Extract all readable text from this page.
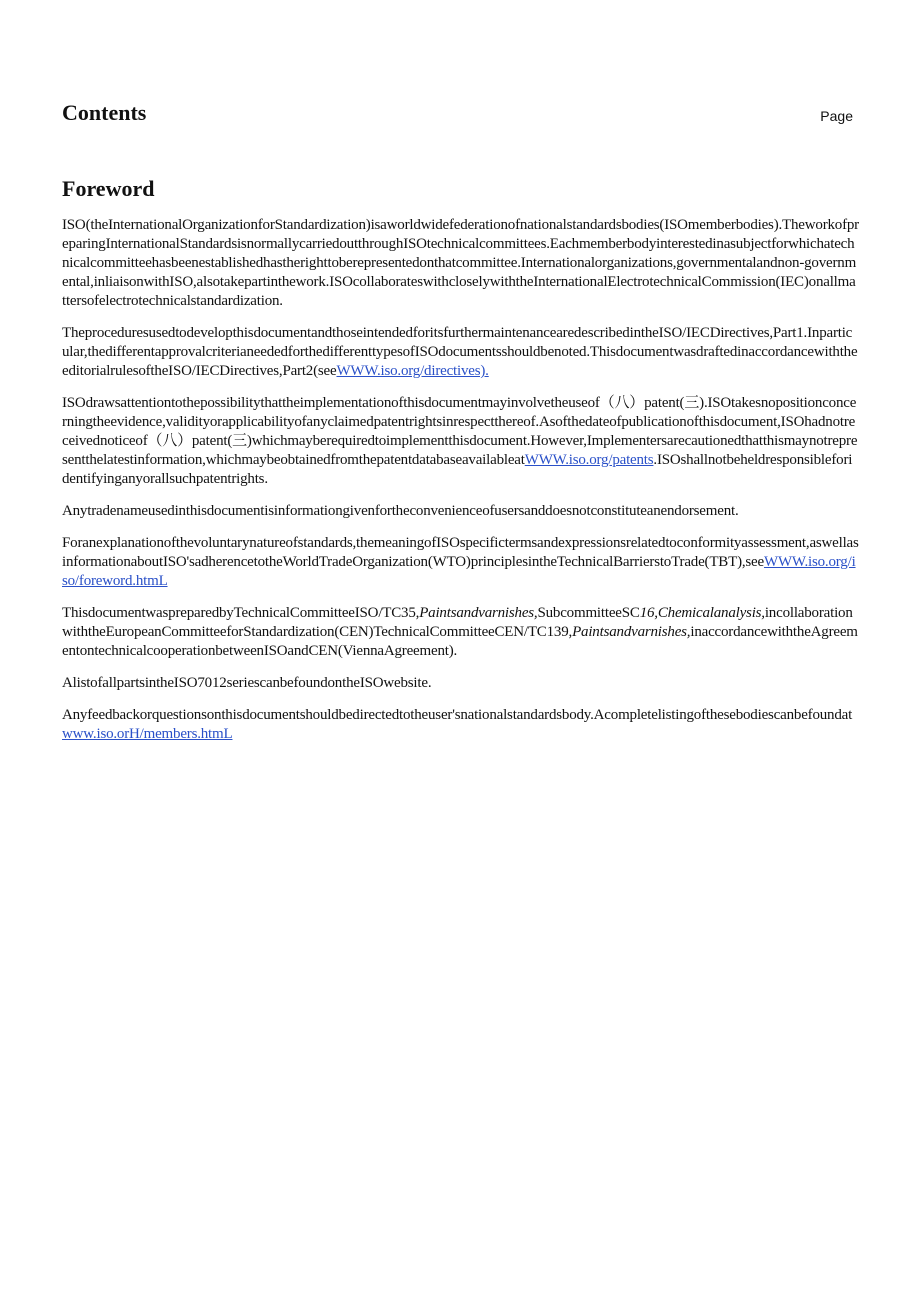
Contents	Page
Foreword

ISO(theInternationalOrganizationforStandardization)isaworldwidefederationofnationalstandardsbodies(ISOmemberbodies).TheworkofpreparingInternationalStandardsisnormallycarriedoutthroughISOtechnicalcommittees.Eachmemberbodyinterestedinasubjectforwhichatechnicalcommitteehasbeenestablishedhastherighttoberepresentedonthatcommittee.Internationalorganizations,governmentalandnon-governmental,inliaisonwithISO,alsotakepartinthework.ISOcollaborateswithcloselywiththeInternationalElectrotechnicalCommission(IEC)onallmattersofelectrotechnicalstandardization.

TheproceduresusedtodevelopthisdocumentandthoseintendedforitsfurthermaintenancearedescribedintheISO/IECDirectives,Part1.Inparticular,thedifferentapprovalcriterianeededforthedifferenttypesofISOdocumentsshouldbenoted.ThisdocumentwasdraftedinaccordancewiththeeditorialrulesoftheISO/IECDirectives,Part2(seeWWW.iso.org/directives).

ISOdrawsattentiontothepossibilitythattheimplementationofthisdocumentmayinvolvetheuseof（八）patent(三).ISOtakesnopositionconcerningtheevidence,validityorapplicabilityofanyclaimedpatentrightsinrespectthereof.Asofthedateofpublicationofthisdocument,ISOhadnotreceivednoticeof（八）patent(三)whichmayberequiredtoimplementthisdocument.However,Implementersarecautionedthatthismaynotrepresentthelatestinformation,whichmaybeobtainedfromthepatentdatabaseavailableatWWW.iso.org/patents.ISOshallnotbeheldresponsibleforidentifyinganyorallsuchpatentrights.

Anytradenameusedinthisdocumentisinformationgivenfortheconvenienceofusersanddoesnotconstituteanendorsement.

Foranexplanationofthevoluntarynatureofstandards,themeaningofISOspecifictermsandexpressionsrelatedtoconformityassessment,aswellasinformationaboutISO'sadherencetotheWorldTradeOrganization(WTO)principlesintheTechnicalBarrierstoTrade(TBT),seeWWW.iso.org/iso/foreword.htmL

ThisdocumentwaspreparedbyTechnicalCommitteeISO/TC35,Paintsandvarnishes,SubcommitteeSC16,Chemicalanalysis,incollaborationwiththeEuropeanCommitteeforStandardization(CEN)TechnicalCommitteeCEN/TC139,Paintsandvarnishes,inaccordancewiththeAgreementontechnicalcooperationbetweenISOandCEN(ViennaAgreement).

AlistofallpartsintheISO7012seriescanbefoundontheISOwebsite.

Anyfeedbackorquestionsonthisdocumentshouldbedirectedtotheuser'snationalstandardsbody.Acompletelistingofthesebodiescanbefoundatwww.iso.orH/members.htmL
